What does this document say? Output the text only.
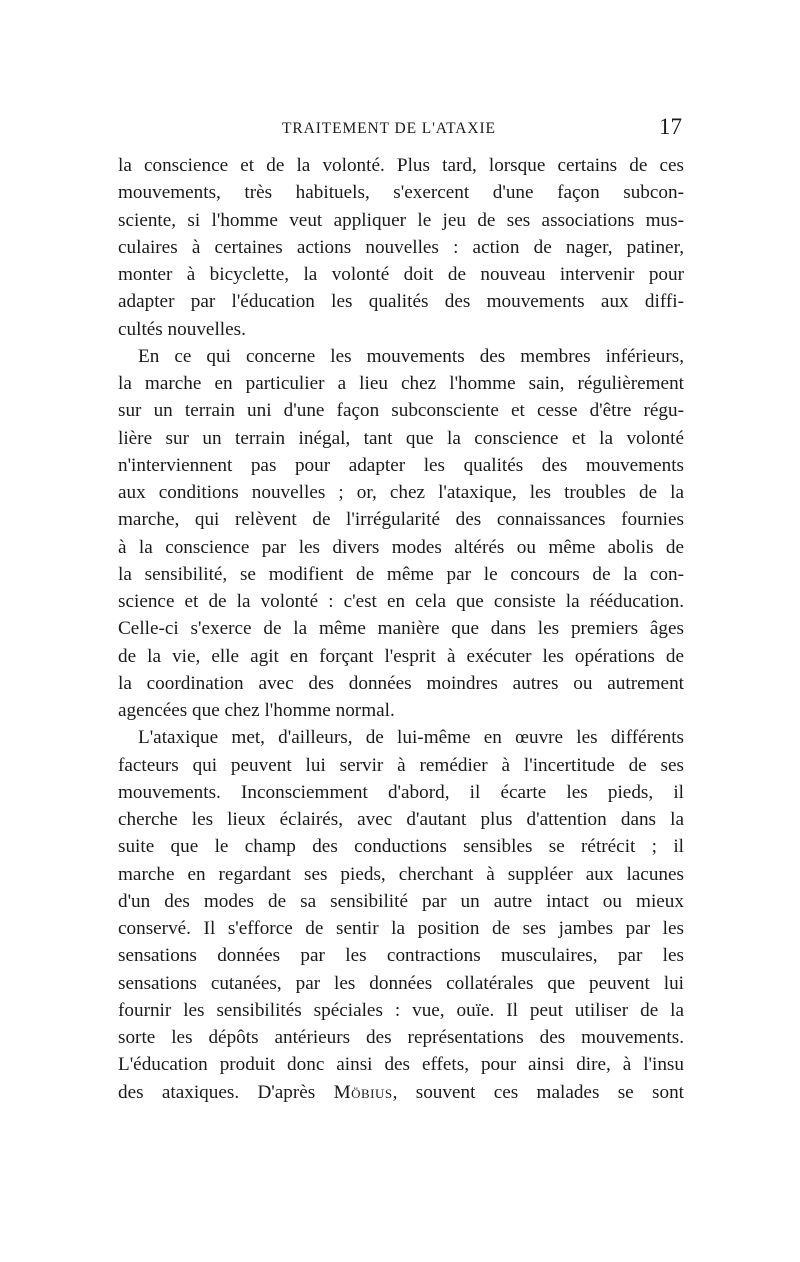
TRAITEMENT DE L'ATAXIE	17
la conscience et de la volonté. Plus tard, lorsque certains de ces
mouvements, très habituels, s'exercent d'une façon subcon-
sciente, si l'homme veut appliquer le jeu de ses associations mus-
culaires à certaines actions nouvelles : action de nager, patiner,
monter à bicyclette, la volonté doit de nouveau intervenir pour
adapter par l'éducation les qualités des mouvements aux diffi-
cultés nouvelles.
En ce qui concerne les mouvements des membres inférieurs,
la marche en particulier a lieu chez l'homme sain, régulièrement
sur un terrain uni d'une façon subconsciente et cesse d'être régu-
lière sur un terrain inégal, tant que la conscience et la volonté
n'interviennent pas pour adapter les qualités des mouvements
aux conditions nouvelles ; or, chez l'ataxique, les troubles de la
marche, qui relèvent de l'irrégularité des connaissances fournies
à la conscience par les divers modes altérés ou même abolis de
la sensibilité, se modifient de même par le concours de la con-
science et de la volonté : c'est en cela que consiste la rééducation.
Celle-ci s'exerce de la même manière que dans les premiers âges
de la vie, elle agit en forçant l'esprit à exécuter les opérations de
la coordination avec des données moindres autres ou autrement
agencées que chez l'homme normal.
L'ataxique met, d'ailleurs, de lui-même en œuvre les différents
facteurs qui peuvent lui servir à remédier à l'incertitude de ses
mouvements. Inconsciemment d'abord, il écarte les pieds, il
cherche les lieux éclairés, avec d'autant plus d'attention dans la
suite que le champ des conductions sensibles se rétrécit ; il
marche en regardant ses pieds, cherchant à suppléer aux lacunes
d'un des modes de sa sensibilité par un autre intact ou mieux
conservé. Il s'efforce de sentir la position de ses jambes par les
sensations données par les contractions musculaires, par les
sensations cutanées, par les données collatérales que peuvent lui
fournir les sensibilités spéciales : vue, ouïe. Il peut utiliser de la
sorte les dépôts antérieurs des représentations des mouvements.
L'éducation produit donc ainsi des effets, pour ainsi dire, à l'insu
des ataxiques. D'après Möbius, souvent ces malades se sont
